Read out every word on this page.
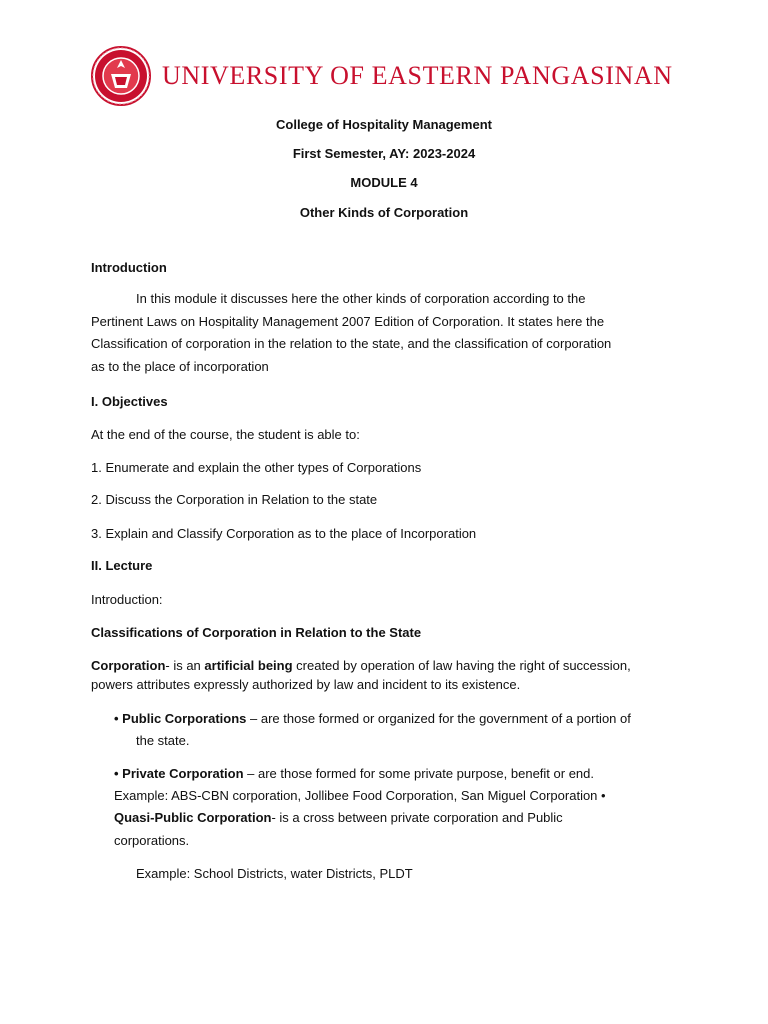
UNIVERSITY OF EASTERN PANGASINAN
College of Hospitality Management
First Semester, AY: 2023-2024
MODULE 4
Other Kinds of Corporation
Introduction
In this module it discusses here the other kinds of corporation according to the
Pertinent Laws on Hospitality Management 2007 Edition of Corporation. It states here the
Classification of corporation in the relation to the state, and the classification of corporation
as to the place of incorporation
I. Objectives
At the end of the course, the student is able to:
1. Enumerate and explain the other types of Corporations
2. Discuss the Corporation in Relation to the state
3. Explain and Classify Corporation as to the place of Incorporation
II. Lecture
Introduction:
Classifications of Corporation in Relation to the State
Corporation- is an artificial being created by operation of law having the right of succession,
powers attributes expressly authorized by law and incident to its existence.
• Public Corporations – are those formed or organized for the government of a portion of
the state.
• Private Corporation – are those formed for some private purpose, benefit or end.
Example: ABS-CBN corporation, Jollibee Food Corporation, San Miguel Corporation •
Quasi-Public Corporation- is a cross between private corporation and Public
corporations.
Example: School Districts, water Districts, PLDT
